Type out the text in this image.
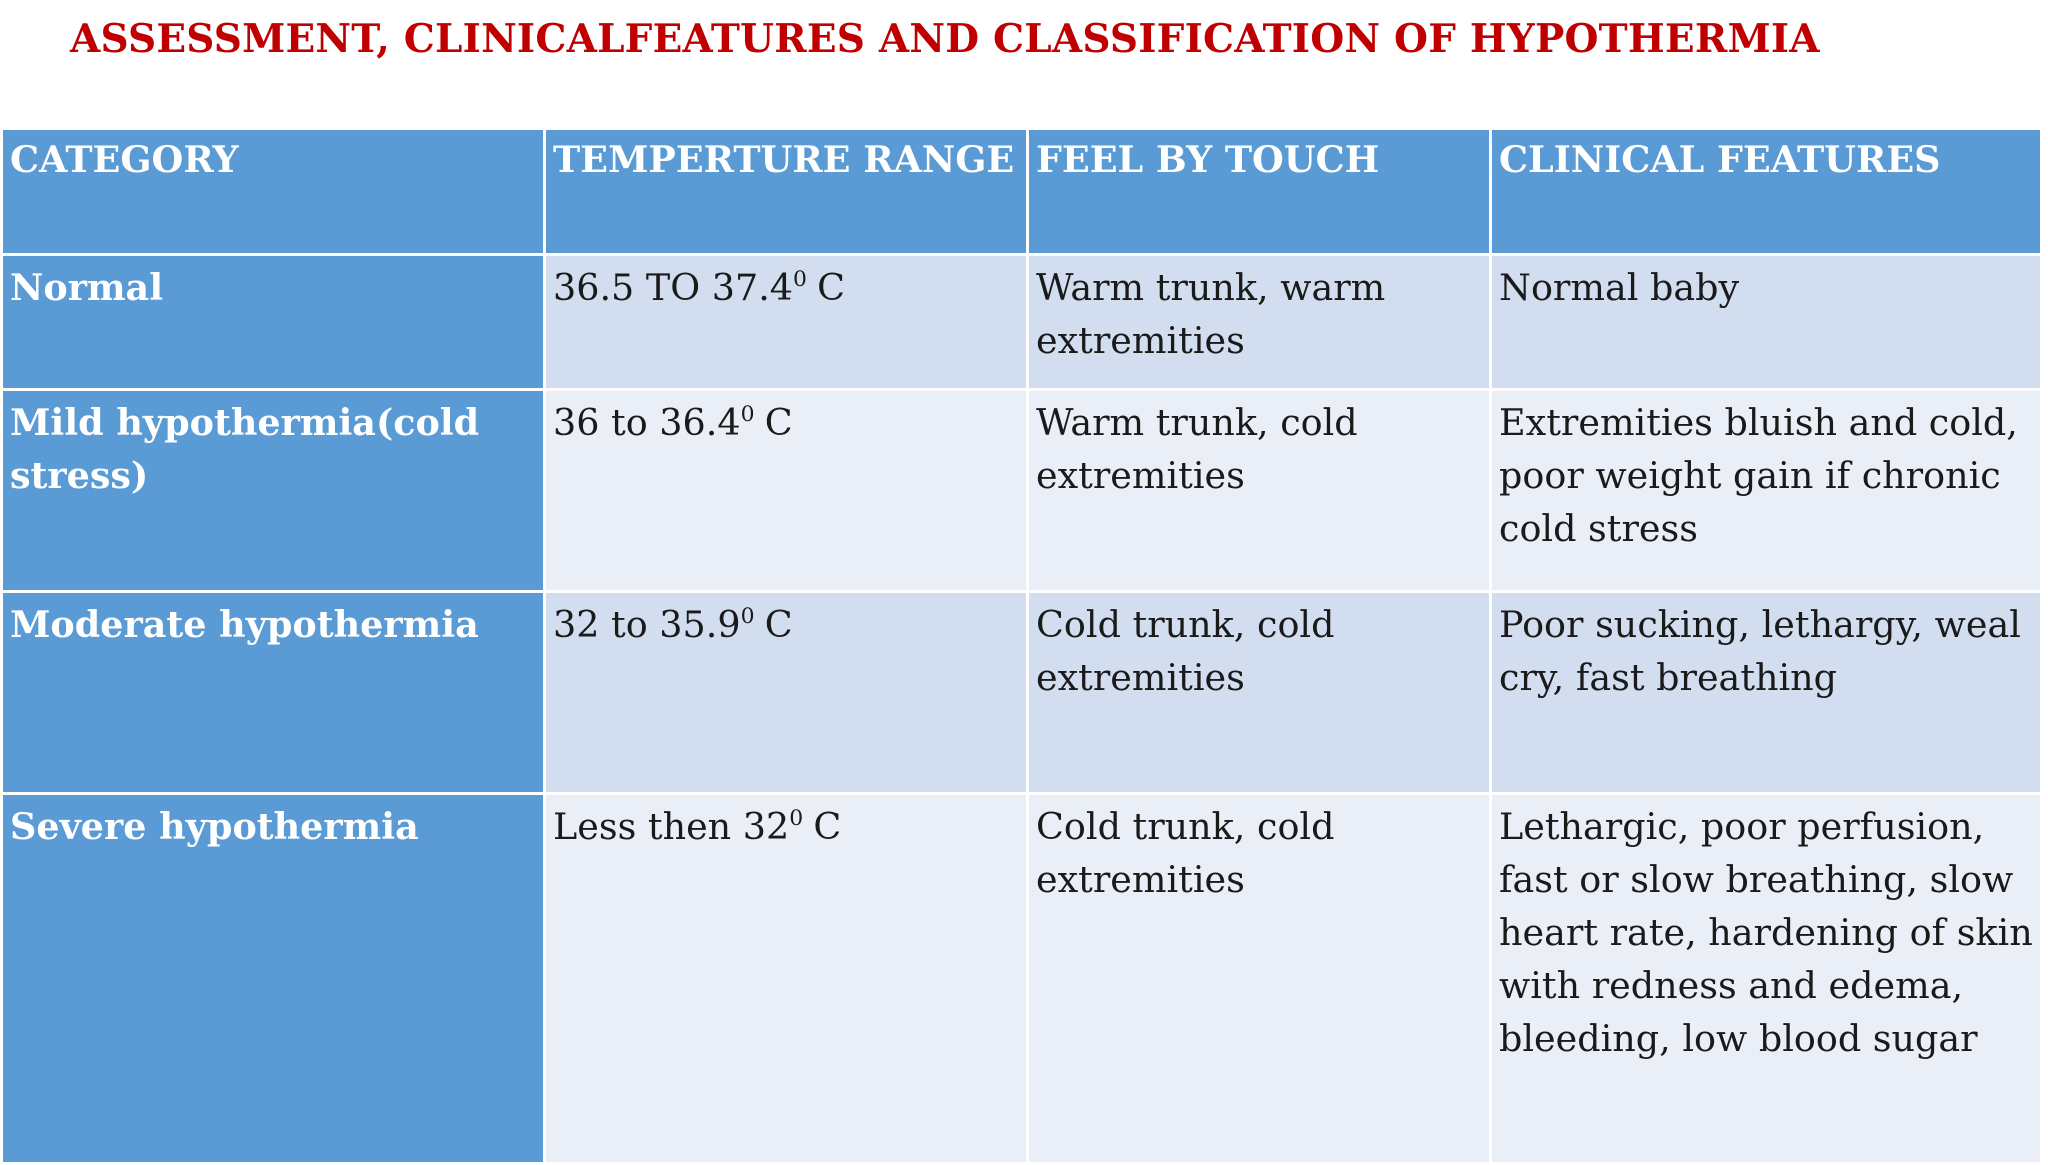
ASSESSMENT, CLINICALFEATURES AND CLASSIFICATION OF HYPOTHERMIA
CATEGORY	TEMPERTURE RANGE	FEEL BY TOUCH	CLINICAL FEATURES
Normal	36.5 TO 37.4$^0$ C	Warm trunk, warm extremities	Normal baby
Mild hypothermia(cold stress)	36 to 36.4$^0$ C	Warm trunk, cold extremities	Extremities bluish and cold, poor weight gain if chronic cold stress
Moderate hypothermia	32 to 35.9$^0$ C	Cold trunk, cold extremities	Poor sucking, lethargy, weal cry, fast breathing
Severe hypothermia	Less then $32^0$ C	Cold trunk, cold extremities	Lethargic, poor perfusion, fast or slow breathing, slow heart rate, hardening of skin with redness and edema, bleeding, low blood sugar
